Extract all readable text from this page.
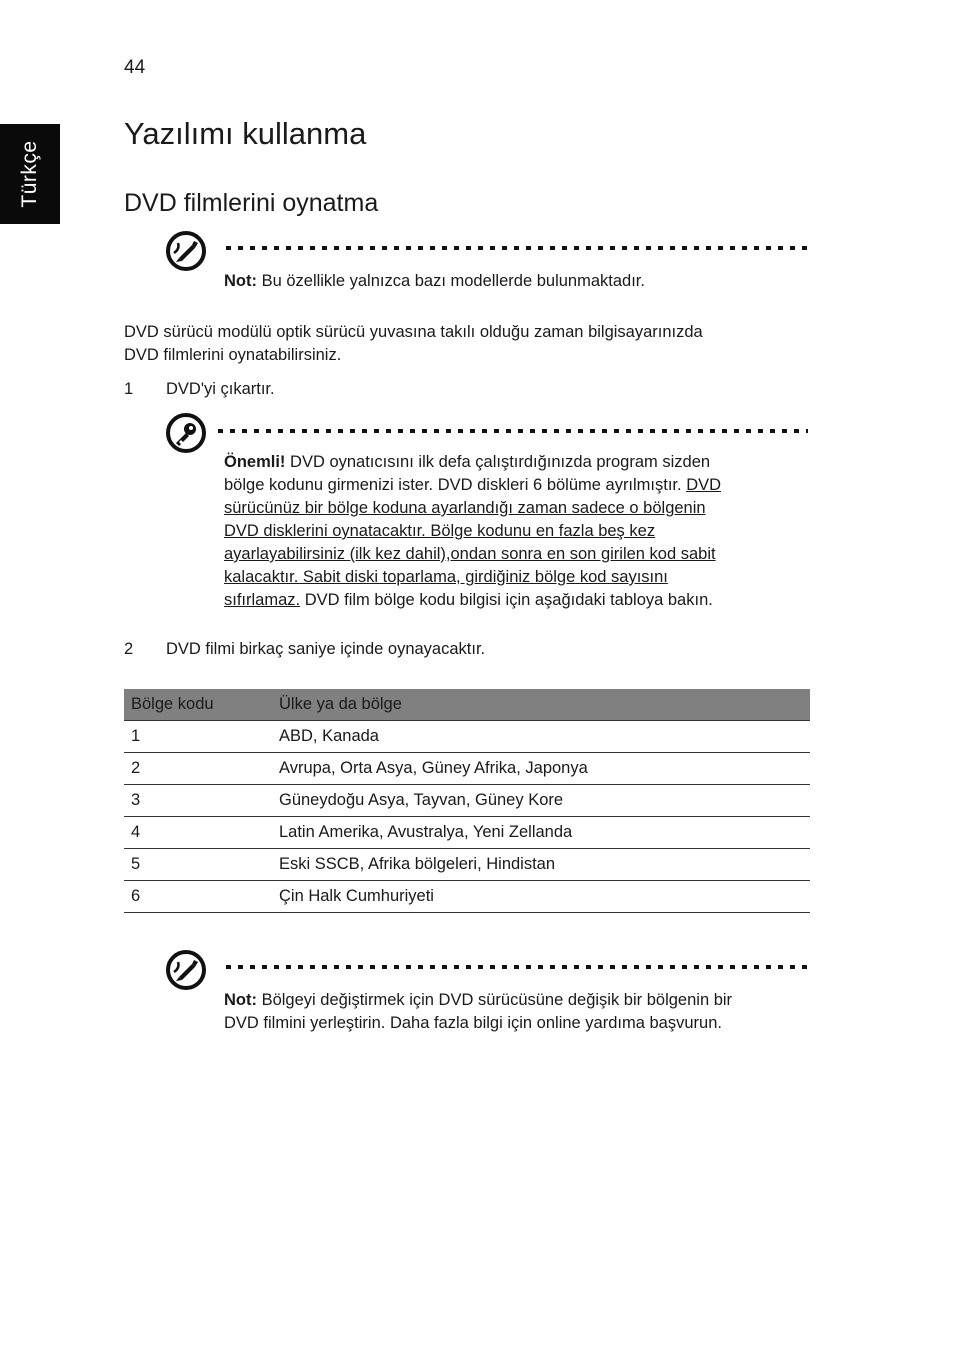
44
Türkçe
Yazılımı kullanma
DVD filmlerini oynatma
Not: Bu özellikle yalnızca bazı modellerde bulunmaktadır.
DVD sürücü modülü optik sürücü yuvasına takılı olduğu zaman bilgisayarınızda
DVD filmlerini oynatabilirsiniz.
1 DVD'yi çıkartır.
Önemli! DVD oynatıcısını ilk defa çalıştırdığınızda program sizden
bölge kodunu girmenizi ister. DVD diskleri 6 bölüme ayrılmıştır. DVD
sürücünüz bir bölge koduna ayarlandığı zaman sadece o bölgenin
DVD disklerini oynatacaktır. Bölge kodunu en fazla beş kez
ayarlayabilirsiniz (ilk kez dahil),ondan sonra en son girilen kod sabit
kalacaktır. Sabit diski toparlama, girdiğiniz bölge kod sayısını
sıfırlamaz. DVD film bölge kodu bilgisi için aşağıdaki tabloya bakın.
2 DVD filmi birkaç saniye içinde oynayacaktır.
Bölge kodu	Ülke ya da bölge
1	ABD, Kanada
2	Avrupa, Orta Asya, Güney Afrika, Japonya
3	Güneydoğu Asya, Tayvan, Güney Kore
4	Latin Amerika, Avustralya, Yeni Zellanda
5	Eski SSCB, Afrika bölgeleri, Hindistan
6	Çin Halk Cumhuriyeti
Not: Bölgeyi değiştirmek için DVD sürücüsüne değişik bir bölgenin bir
DVD filmini yerleştirin. Daha fazla bilgi için online yardıma başvurun.
